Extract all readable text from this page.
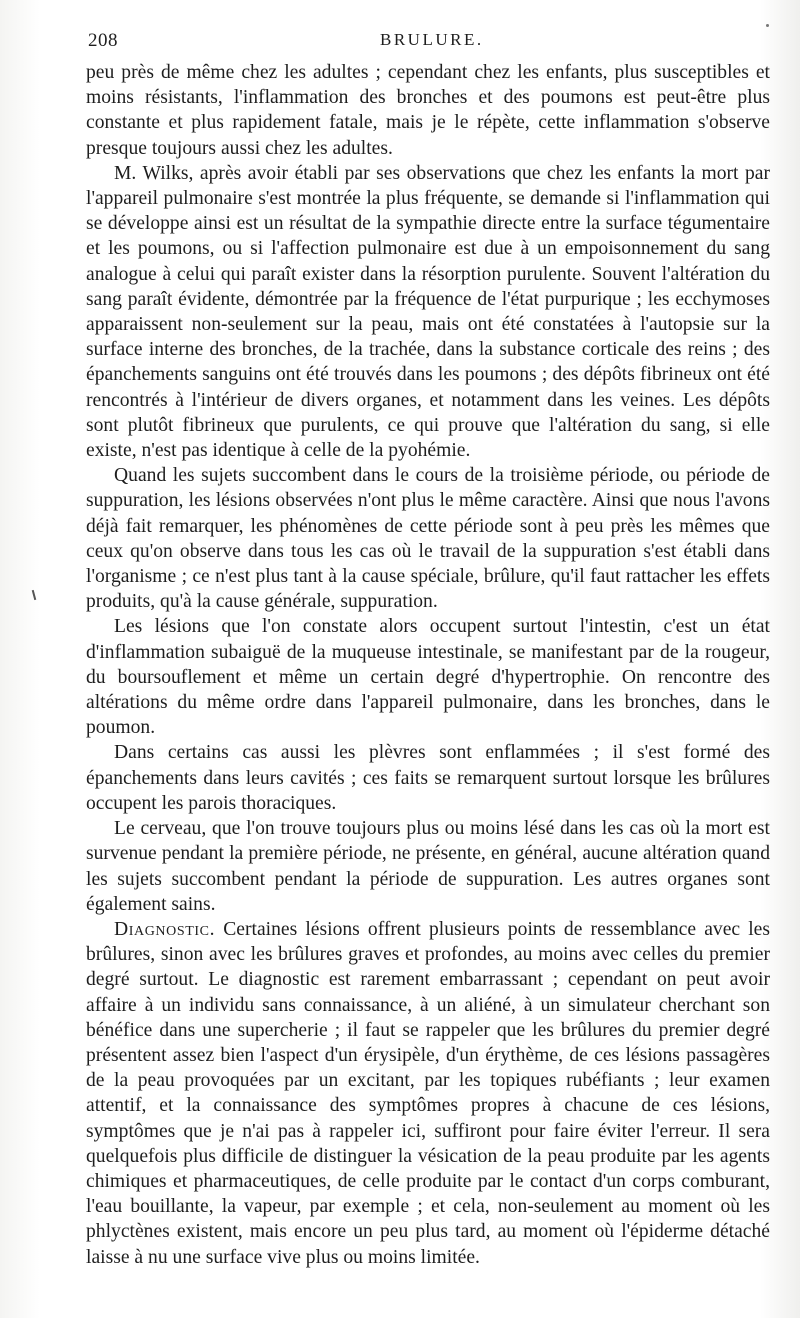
208	BRULURE.

peu près de même chez les adultes ; cependant chez les enfants, plus susceptibles et moins résistants, l'inflammation des bronches et des poumons est peut-être plus constante et plus rapidement fatale, mais je le répète, cette inflammation s'observe presque toujours aussi chez les adultes.

M. Wilks, après avoir établi par ses observations que chez les enfants la mort par l'appareil pulmonaire s'est montrée la plus fréquente, se demande si l'inflammation qui se développe ainsi est un résultat de la sympathie directe entre la surface tégumentaire et les poumons, ou si l'affection pulmonaire est due à un empoisonnement du sang analogue à celui qui paraît exister dans la résorption purulente. Souvent l'altération du sang paraît évidente, démontrée par la fréquence de l'état purpurique ; les ecchymoses apparaissent non-seulement sur la peau, mais ont été constatées à l'autopsie sur la surface interne des bronches, de la trachée, dans la substance corticale des reins ; des épanchements sanguins ont été trouvés dans les poumons ; des dépôts fibrineux ont été rencontrés à l'intérieur de divers organes, et notamment dans les veines. Les dépôts sont plutôt fibrineux que purulents, ce qui prouve que l'altération du sang, si elle existe, n'est pas identique à celle de la pyohémie.

Quand les sujets succombent dans le cours de la troisième période, ou période de suppuration, les lésions observées n'ont plus le même caractère. Ainsi que nous l'avons déjà fait remarquer, les phénomènes de cette période sont à peu près les mêmes que ceux qu'on observe dans tous les cas où le travail de la suppuration s'est établi dans l'organisme ; ce n'est plus tant à la cause spéciale, brûlure, qu'il faut rattacher les effets produits, qu'à la cause générale, suppuration.

Les lésions que l'on constate alors occupent surtout l'intestin, c'est un état d'inflammation subaiguë de la muqueuse intestinale, se manifestant par de la rougeur, du boursouflement et même un certain degré d'hypertrophie. On rencontre des altérations du même ordre dans l'appareil pulmonaire, dans les bronches, dans le poumon.

Dans certains cas aussi les plèvres sont enflammées ; il s'est formé des épanchements dans leurs cavités ; ces faits se remarquent surtout lorsque les brûlures occupent les parois thoraciques.

Le cerveau, que l'on trouve toujours plus ou moins lésé dans les cas où la mort est survenue pendant la première période, ne présente, en général, aucune altération quand les sujets succombent pendant la période de suppuration. Les autres organes sont également sains.

Diagnostic. Certaines lésions offrent plusieurs points de ressemblance avec les brûlures, sinon avec les brûlures graves et profondes, au moins avec celles du premier degré surtout. Le diagnostic est rarement embarrassant ; cependant on peut avoir affaire à un individu sans connaissance, à un aliéné, à un simulateur cherchant son bénéfice dans une supercherie ; il faut se rappeler que les brûlures du premier degré présentent assez bien l'aspect d'un érysipèle, d'un érythème, de ces lésions passagères de la peau provoquées par un excitant, par les topiques rubéfiants ; leur examen attentif, et la connaissance des symptômes propres à chacune de ces lésions, symptômes que je n'ai pas à rappeler ici, suffiront pour faire éviter l'erreur. Il sera quelquefois plus difficile de distinguer la vésication de la peau produite par les agents chimiques et pharmaceutiques, de celle produite par le contact d'un corps comburant, l'eau bouillante, la vapeur, par exemple ; et cela, non-seulement au moment où les phlyctènes existent, mais encore un peu plus tard, au moment où l'épiderme détaché laisse à nu une surface vive plus ou moins limitée.
